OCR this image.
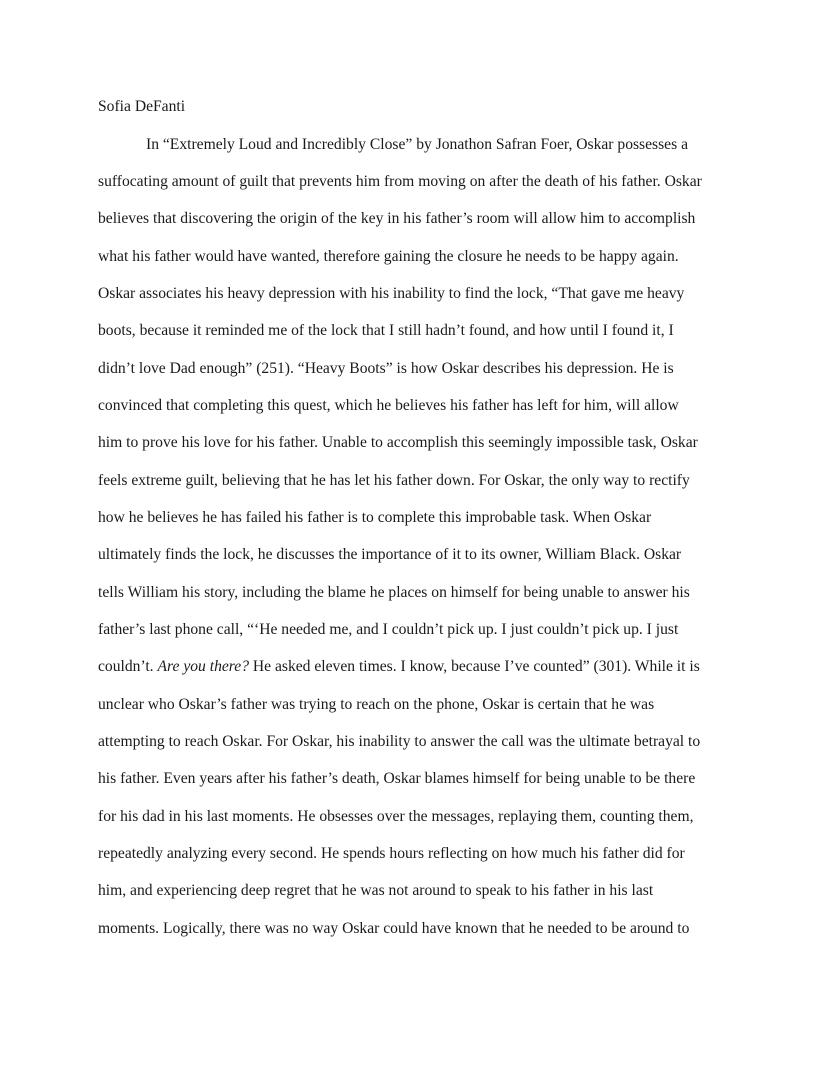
Sofia DeFanti
In “Extremely Loud and Incredibly Close” by Jonathon Safran Foer, Oskar possesses a
suffocating amount of guilt that prevents him from moving on after the death of his father. Oskar
believes that discovering the origin of the key in his father’s room will allow him to accomplish
what his father would have wanted, therefore gaining the closure he needs to be happy again.
Oskar associates his heavy depression with his inability to find the lock, “That gave me heavy
boots, because it reminded me of the lock that I still hadn’t found, and how until I found it, I
didn’t love Dad enough” (251). “Heavy Boots” is how Oskar describes his depression. He is
convinced that completing this quest, which he believes his father has left for him, will allow
him to prove his love for his father. Unable to accomplish this seemingly impossible task, Oskar
feels extreme guilt, believing that he has let his father down. For Oskar, the only way to rectify
how he believes he has failed his father is to complete this improbable task. When Oskar
ultimately finds the lock, he discusses the importance of it to its owner, William Black. Oskar
tells William his story, including the blame he places on himself for being unable to answer his
father’s last phone call, “‘He needed me, and I couldn’t pick up. I just couldn’t pick up. I just
couldn’t. Are you there? He asked eleven times. I know, because I’ve counted” (301). While it is
unclear who Oskar’s father was trying to reach on the phone, Oskar is certain that he was
attempting to reach Oskar. For Oskar, his inability to answer the call was the ultimate betrayal to
his father. Even years after his father’s death, Oskar blames himself for being unable to be there
for his dad in his last moments. He obsesses over the messages, replaying them, counting them,
repeatedly analyzing every second. He spends hours reflecting on how much his father did for
him, and experiencing deep regret that he was not around to speak to his father in his last
moments. Logically, there was no way Oskar could have known that he needed to be around to
